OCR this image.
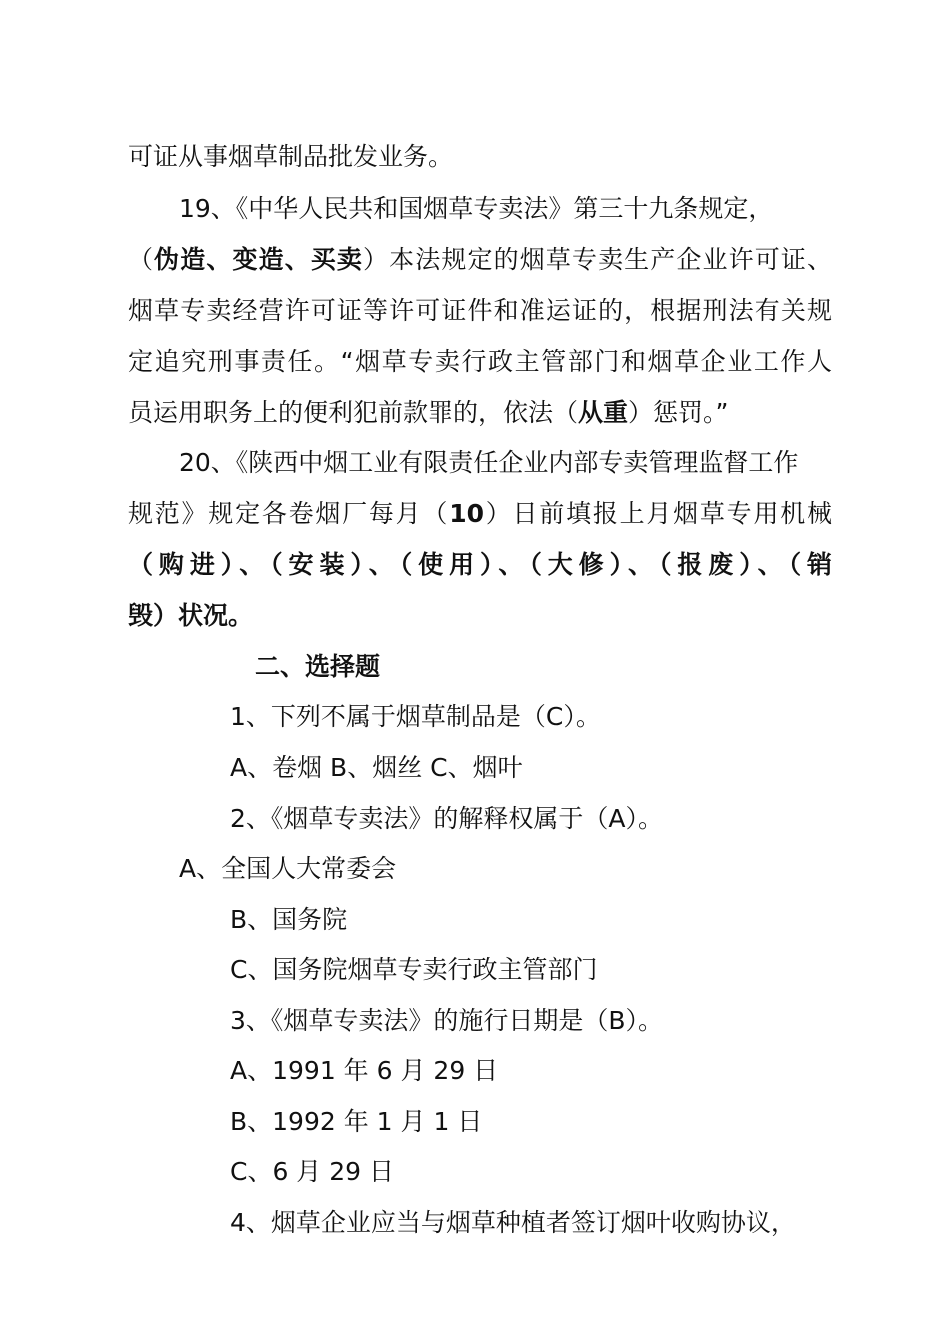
可证从事烟草制品批发业务。
19、《中华人民共和国烟草专卖法》第三十九条规定，
（伪造、变造、买卖）本法规定的烟草专卖生产企业许可证、
烟草专卖经营许可证等许可证件和准运证的，根据刑法有关规
定追究刑事责任。“烟草专卖行政主管部门和烟草企业工作人
员运用职务上的便利犯前款罪的，依法（从重）惩罚。”
20、《陕西中烟工业有限责任企业内部专卖管理监督工作
规范》规定各卷烟厂每月（10）日前填报上月烟草专用机械
（购进）、（安装）、（使用）、（大修）、（报废）、（销
毁）状况。
二、选择题
1、下列不属于烟草制品是（C）。
A、卷烟 B、烟丝 C、烟叶
2、《烟草专卖法》的解释权属于（A）。
A、全国人大常委会
B、国务院
C、国务院烟草专卖行政主管部门
3、《烟草专卖法》的施行日期是（B）。
A、1991 年 6 月 29 日
B、1992 年 1 月 1 日
C、6 月 29 日
4、烟草企业应当与烟草种植者签订烟叶收购协议，
